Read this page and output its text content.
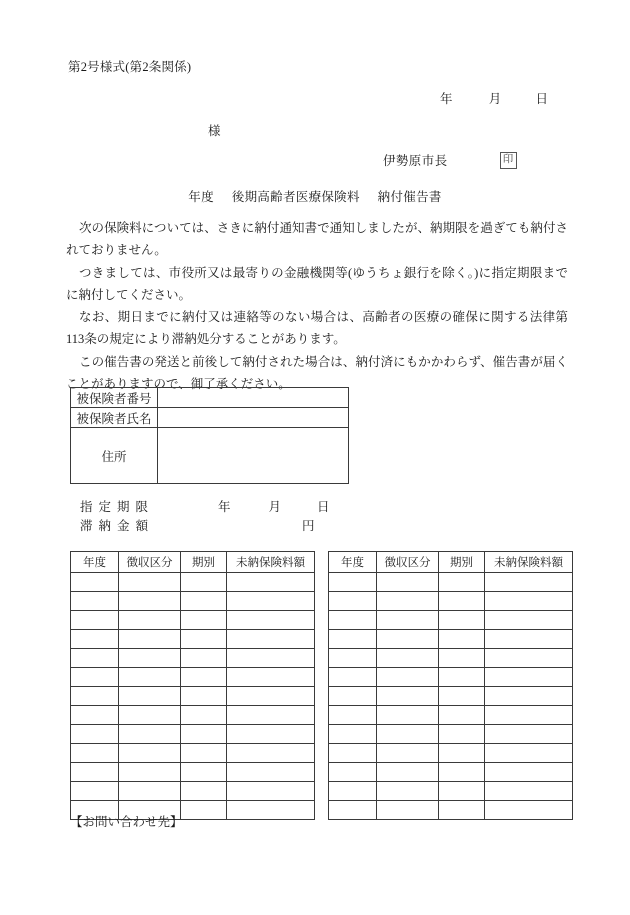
第2号様式(第2条関係)
年	月	日
様
伊勢原市長	印
年度 後期高齢者医療保険料 納付催告書

次の保険料については、さきに納付通知書で通知しましたが、納期限を過ぎても納付されておりません。

つきましては、市役所又は最寄りの金融機関等(ゆうちょ銀行を除く。)に指定期限までに納付してください。

なお、期日までに納付又は連絡等のない場合は、高齢者の医療の確保に関する法律第113条の規定により滞納処分することがあります。

この催告書の発送と前後して納付された場合は、納付済にもかかわらず、催告書が届くことがありますので、御了承ください。

被保険者番号	
被保険者氏名	
住所	
指定期限	年	月	日
滞納金額	円
年度	徴収区分	期別	未納保険料額

				年度	徴収区分	期別	未納保険料額

【お問い合わせ先】
